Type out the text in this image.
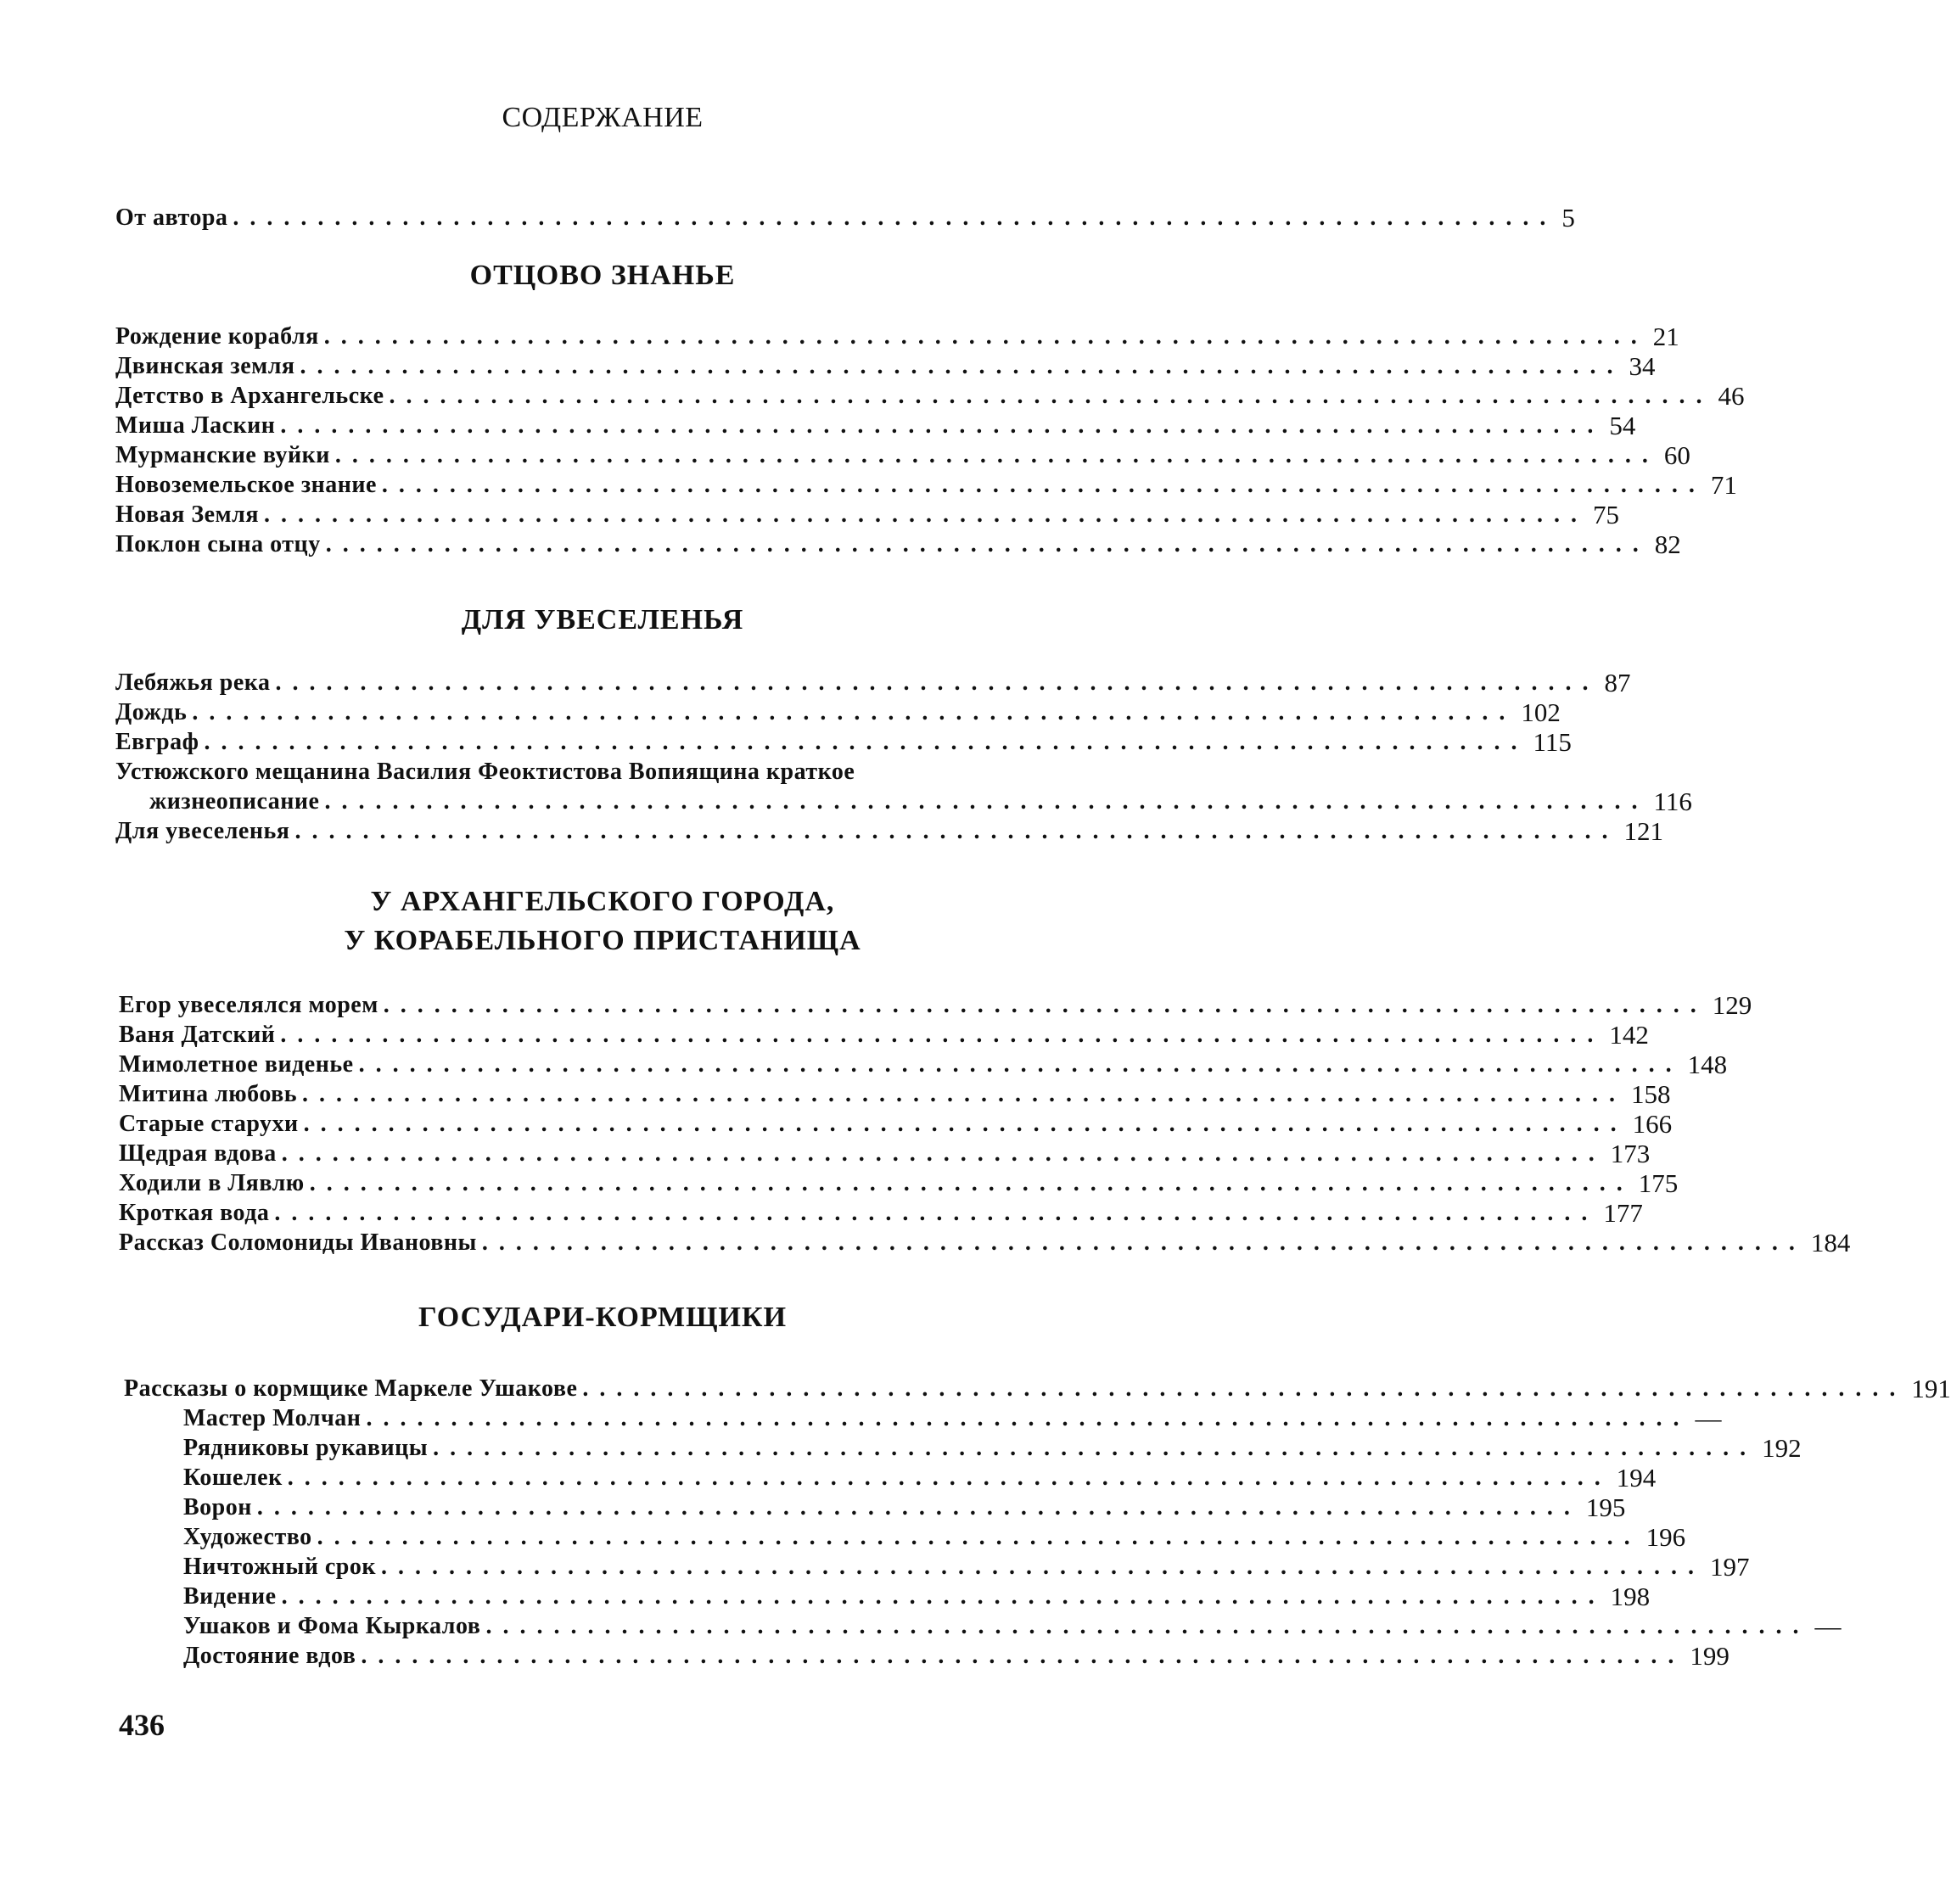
СОДЕРЖАНИЕ
От автора .............................................................................. 5
ОТЦОВО ЗНАНЬЕ
Рождение корабля .............................................................................. 21
Двинская земля .............................................................................. 34
Детство в Архангельске .............................................................................. 46
Миша Ласкин .............................................................................. 54
Мурманские вуйки .............................................................................. 60
Новоземельское знание .............................................................................. 71
Новая Земля .............................................................................. 75
Поклон сына отцу .............................................................................. 82
ДЛЯ УВЕСЕЛЕНЬЯ
Лебяжья река .............................................................................. 87
Дождь .............................................................................. 102
Евграф .............................................................................. 115
Устюжского мещанина Василия Феоктистова Вопиящина краткое
жизнеописание .............................................................................. 116
Для увеселенья .............................................................................. 121
У АРХАНГЕЛЬСКОГО ГОРОДА,
У КОРАБЕЛЬНОГО ПРИСТАНИЩА
Егор увеселялся морем .............................................................................. 129
Ваня Датский .............................................................................. 142
Мимолетное виденье .............................................................................. 148
Митина любовь .............................................................................. 158
Старые старухи .............................................................................. 166
Щедрая вдова .............................................................................. 173
Ходили в Лявлю .............................................................................. 175
Кроткая вода .............................................................................. 177
Рассказ Соломониды Ивановны .............................................................................. 184
ГОСУДАРИ-КОРМЩИКИ
Рассказы о кормщике Маркеле Ушакове .............................................................................. 191
Мастер Молчан .............................................................................. —
Рядниковы рукавицы .............................................................................. 192
Кошелек .............................................................................. 194
Ворон .............................................................................. 195
Художество .............................................................................. 196
Ничтожный срок .............................................................................. 197
Видение .............................................................................. 198
Ушаков и Фома Кыркалов .............................................................................. —
Достояние вдов .............................................................................. 199
436
